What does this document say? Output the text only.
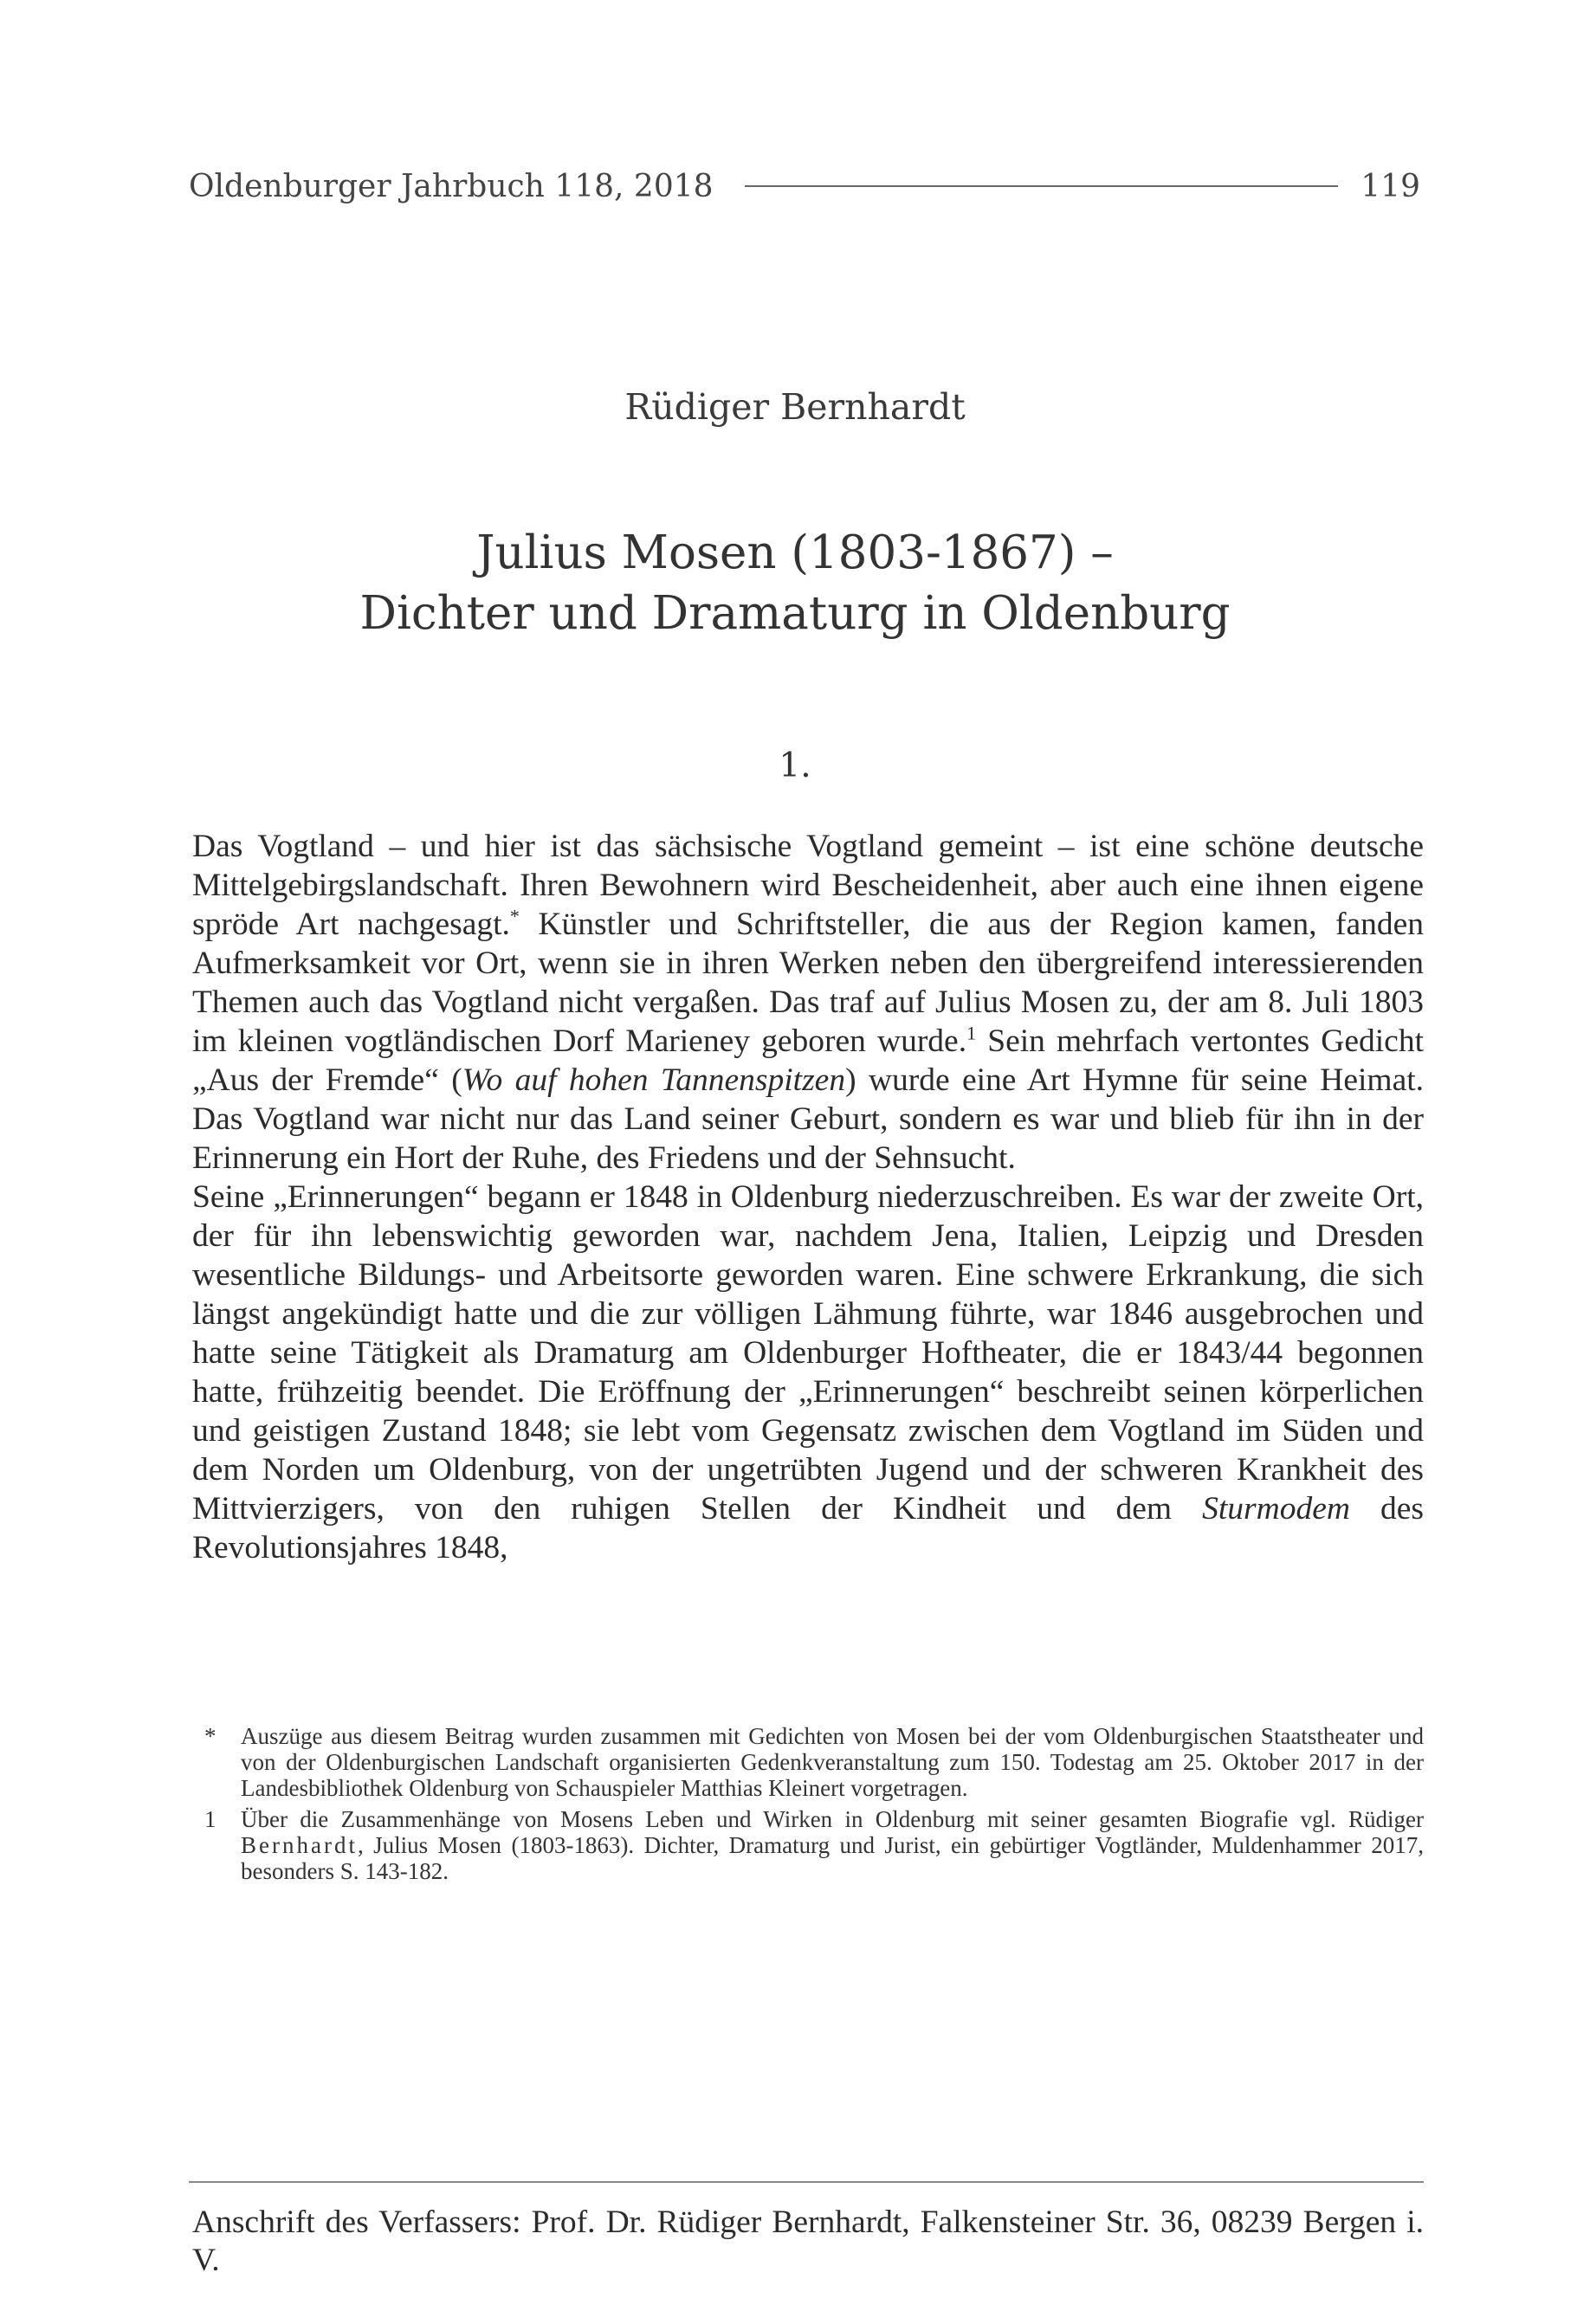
Oldenburger Jahrbuch 118, 2018	119
Rüdiger Bernhardt
Julius Mosen (1803-1867) –
Dichter und Dramaturg in Oldenburg
1.

Das Vogtland – und hier ist das sächsische Vogtland gemeint – ist eine schöne deutsche Mittelgebirgslandschaft. Ihren Bewohnern wird Bescheidenheit, aber auch eine ihnen eigene spröde Art nachgesagt.* Künstler und Schriftsteller, die aus der Region kamen, fanden Aufmerksamkeit vor Ort, wenn sie in ihren Werken neben den übergreifend interessierenden Themen auch das Vogtland nicht vergaßen. Das traf auf Julius Mosen zu, der am 8. Juli 1803 im kleinen vogtländischen Dorf Marieney geboren wurde.$^1$ Sein mehrfach vertontes Gedicht „Aus der Fremde“ (Wo auf hohen Tannenspitzen) wurde eine Art Hymne für seine Heimat. Das Vogtland war nicht nur das Land seiner Geburt, sondern es war und blieb für ihn in der Erinnerung ein Hort der Ruhe, des Friedens und der Sehnsucht.

Seine „Erinnerungen“ begann er 1848 in Oldenburg niederzuschreiben. Es war der zweite Ort, der für ihn lebenswichtig geworden war, nachdem Jena, Italien, Leipzig und Dresden wesentliche Bildungs- und Arbeitsorte geworden waren. Eine schwere Erkrankung, die sich längst angekündigt hatte und die zur völligen Lähmung führte, war 1846 ausgebrochen und hatte seine Tätigkeit als Dramaturg am Oldenburger Hoftheater, die er 1843/44 begonnen hatte, frühzeitig beendet. Die Eröffnung der „Erinnerungen“ beschreibt seinen körperlichen und geistigen Zustand 1848; sie lebt vom Gegensatz zwischen dem Vogtland im Süden und dem Norden um Oldenburg, von der ungetrübten Jugend und der schweren Krankheit des Mittvierzigers, von den ruhigen Stellen der Kindheit und dem Sturmodem des Revolutionsjahres 1848,

* Auszüge aus diesem Beitrag wurden zusammen mit Gedichten von Mosen bei der vom Oldenburgischen Staatstheater und von der Oldenburgischen Landschaft organisierten Gedenkveranstaltung zum 150. Todestag am 25. Oktober 2017 in der Landesbibliothek Oldenburg von Schauspieler Matthias Kleinert vorgetragen.
1 Über die Zusammenhänge von Mosens Leben und Wirken in Oldenburg mit seiner gesamten Biografie vgl. Rüdiger Bernhardt, Julius Mosen (1803-1863). Dichter, Dramaturg und Jurist, ein gebürtiger Vogtländer, Muldenhammer 2017, besonders S. 143-182.
Anschrift des Verfassers: Prof. Dr. Rüdiger Bernhardt, Falkensteiner Str. 36, 08239 Bergen i. V.
